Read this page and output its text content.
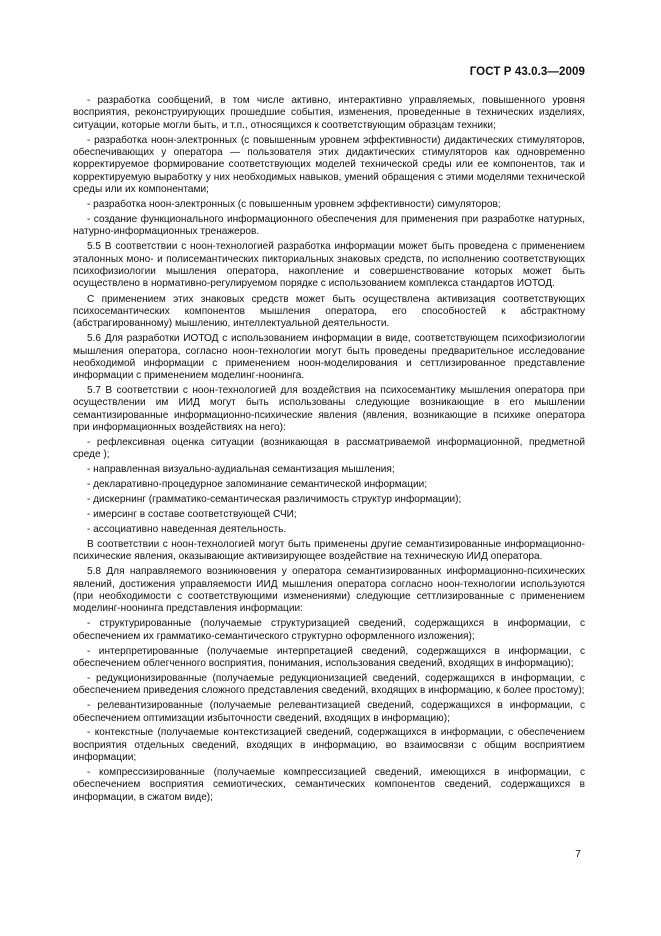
ГОСТ Р 43.0.3—2009

- разработка сообщений, в том числе активно, интерактивно управляемых, повышенного уровня восприятия, реконструирующих прошедшие события, изменения, проведенные в технических изделиях, ситуации, которые могли быть, и т.п., относящихся к соответствующим образцам техники;

- разработка ноон-электронных (с повышенным уровнем эффективности) дидактических стимуляторов, обеспечивающих у оператора — пользователя этих дидактических стимуляторов как одновременно корректируемое формирование соответствующих моделей технической среды или ее компонентов, так и корректируемую выработку у них необходимых навыков, умений обращения с этими моделями технической среды или их компонентами;

- разработка ноон-электронных (с повышенным уровнем эффективности) симуляторов;

- создание функционального информационного обеспечения для применения при разработке натурных, натурно-информационных тренажеров.

5.5 В соответствии с ноон-технологией разработка информации может быть проведена с применением эталонных моно- и полисемантических пикториальных знаковых средств, по исполнению соответствующих психофизиологии мышления оператора, накопление и совершенствование которых может быть осуществлено в нормативно-регулируемом порядке с использованием комплекса стандартов ИОТОД.

С применением этих знаковых средств может быть осуществлена активизация соответствующих психосемантических компонентов мышления оператора, его способностей к абстрактному (абстрагированному) мышлению, интеллектуальной деятельности.

5.6 Для разработки ИОТОД с использованием информации в виде, соответствующем психофизиологии мышления оператора, согласно ноон-технологии могут быть проведены предварительное исследование необходимой информации с применением ноон-моделирования и сеттлизированное представление информации с применением моделинг-ноонинга.

5.7 В соответствии с ноон-технологией для воздействия на психосемантику мышления оператора при осуществлении им ИИД могут быть использованы следующие возникающие в его мышлении семантизированные информационно-психические явления (явления, возникающие в психике оператора при информационных воздействиях на него):

- рефлексивная оценка ситуации (возникающая в рассматриваемой информационной, предметной среде );

- направленная визуально-аудиальная семантизация мышления;

- декларативно-процедурное запоминание семантической информации;

- дискернинг (грамматико-семантическая различимость структур информации);

- имерсинг в составе соответствующей СЧИ;

- ассоциативно наведенная деятельность.

В соответствии с ноон-технологией могут быть применены другие семантизированные информационно-психические явления, оказывающие активизирующее воздействие на техническую ИИД оператора.

5.8 Для направляемого возникновения у оператора семантизированных информационно-психических явлений, достижения управляемости ИИД мышления оператора согласно ноон-технологии используются (при необходимости с соответствующими изменениями) следующие сеттлизированные с применением моделинг-ноонинга представления информации:

- структурированные (получаемые структуризацией сведений, содержащихся в информации, с обеспечением их грамматико-семантического структурно оформленного изложения);

- интерпретированные (получаемые интерпретацией сведений, содержащихся в информации, с обеспечением облегченного восприятия, понимания, использования сведений, входящих в информацию);

- редукционизированные (получаемые редукционизацией сведений, содержащихся в информации, с обеспечением приведения сложного представления сведений, входящих в информацию, к более простому);

- релевантизированные (получаемые релевантизацией сведений, содержащихся в информации, с обеспечением оптимизации избыточности сведений, входящих в информацию);

- контекстные (получаемые контекстизацией сведений, содержащихся в информации, с обеспечением восприятия отдельных сведений, входящих в информацию, во взаимосвязи с общим восприятием информации;

- компрессизированные (получаемые компрессизацией сведений, имеющихся в информации, с обеспечением восприятия семиотических, семантических компонентов сведений, содержащихся в информации, в сжатом виде);

7
